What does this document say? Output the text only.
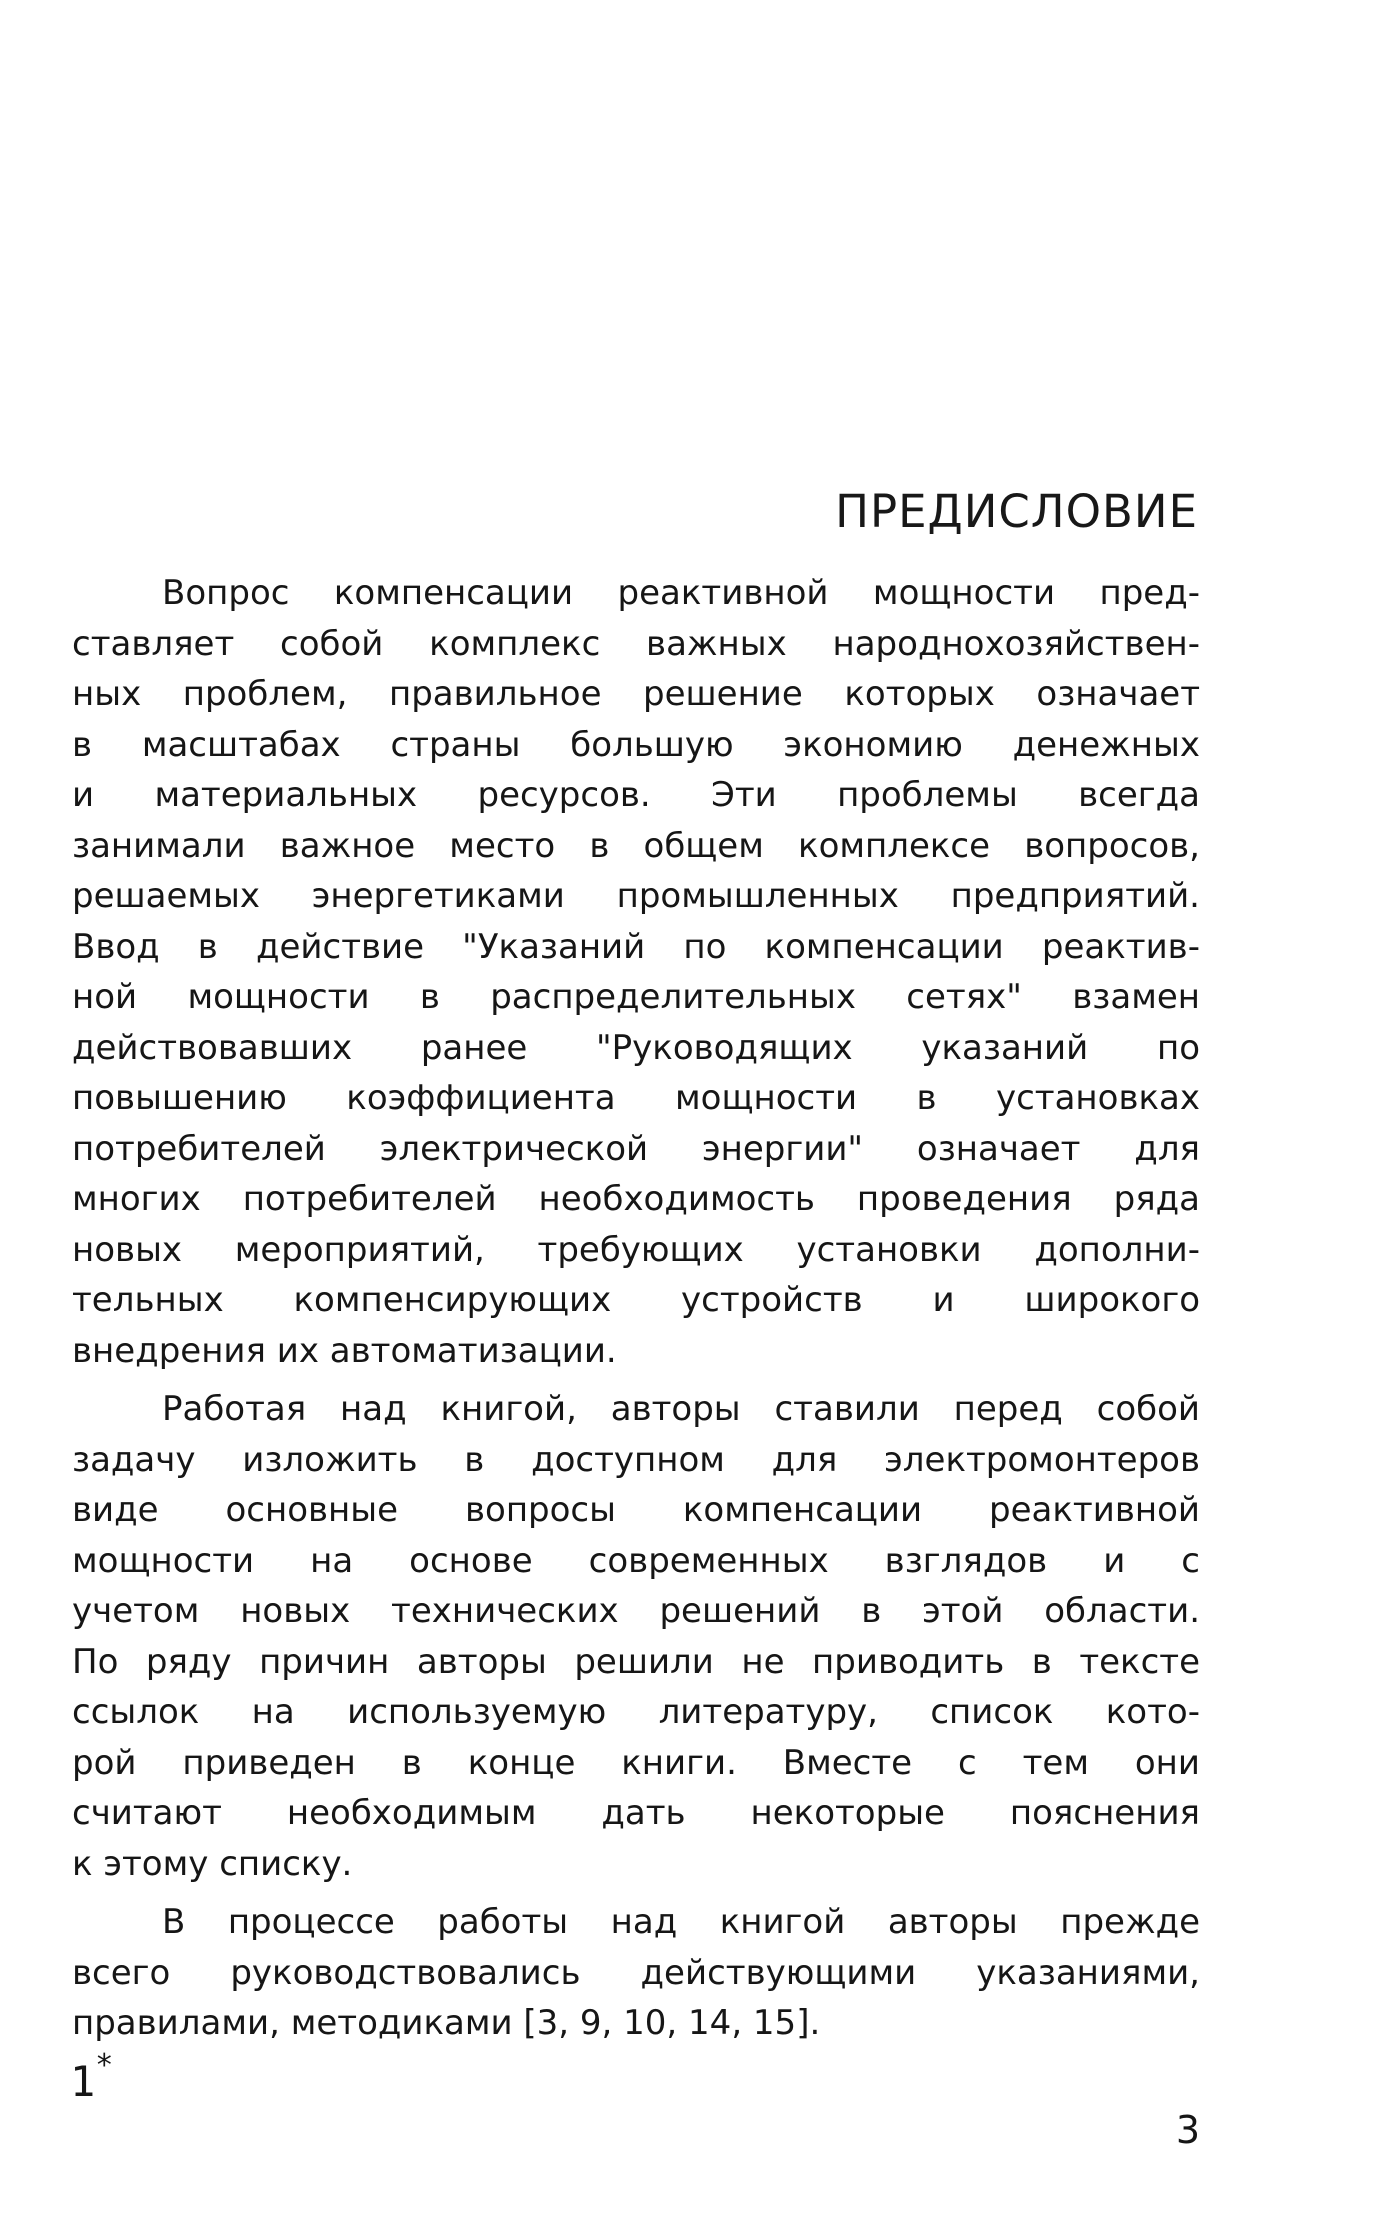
ПРЕДИСЛОВИЕ
Вопрос компенсации реактивной мощности пред-
ставляет собой комплекс важных народнохозяйствен-
ных проблем, правильное решение которых означает
в масштабах страны большую экономию денежных
и материальных ресурсов. Эти проблемы всегда
занимали важное место в общем комплексе вопросов,
решаемых энергетиками промышленных предприятий.
Ввод в действие "Указаний по компенсации реактив-
ной мощности в распределительных сетях" взамен
действовавших ранее "Руководящих указаний по
повышению коэффициента мощности в установках
потребителей электрической энергии" означает для
многих потребителей необходимость проведения ряда
новых мероприятий, требующих установки дополни-
тельных компенсирующих устройств и широкого
внедрения их автоматизации.
Работая над книгой, авторы ставили перед собой
задачу изложить в доступном для электромонтеров
виде основные вопросы компенсации реактивной
мощности на основе современных взглядов и с
учетом новых технических решений в этой области.
По ряду причин авторы решили не приводить в тексте
ссылок на используемую литературу, список кото-
рой приведен в конце книги. Вместе с тем они
считают необходимым дать некоторые пояснения
к этому списку.
В процессе работы над книгой авторы прежде
всего руководствовались действующими указаниями,
правилами, методиками [3, 9, 10, 14, 15].
1*
3
